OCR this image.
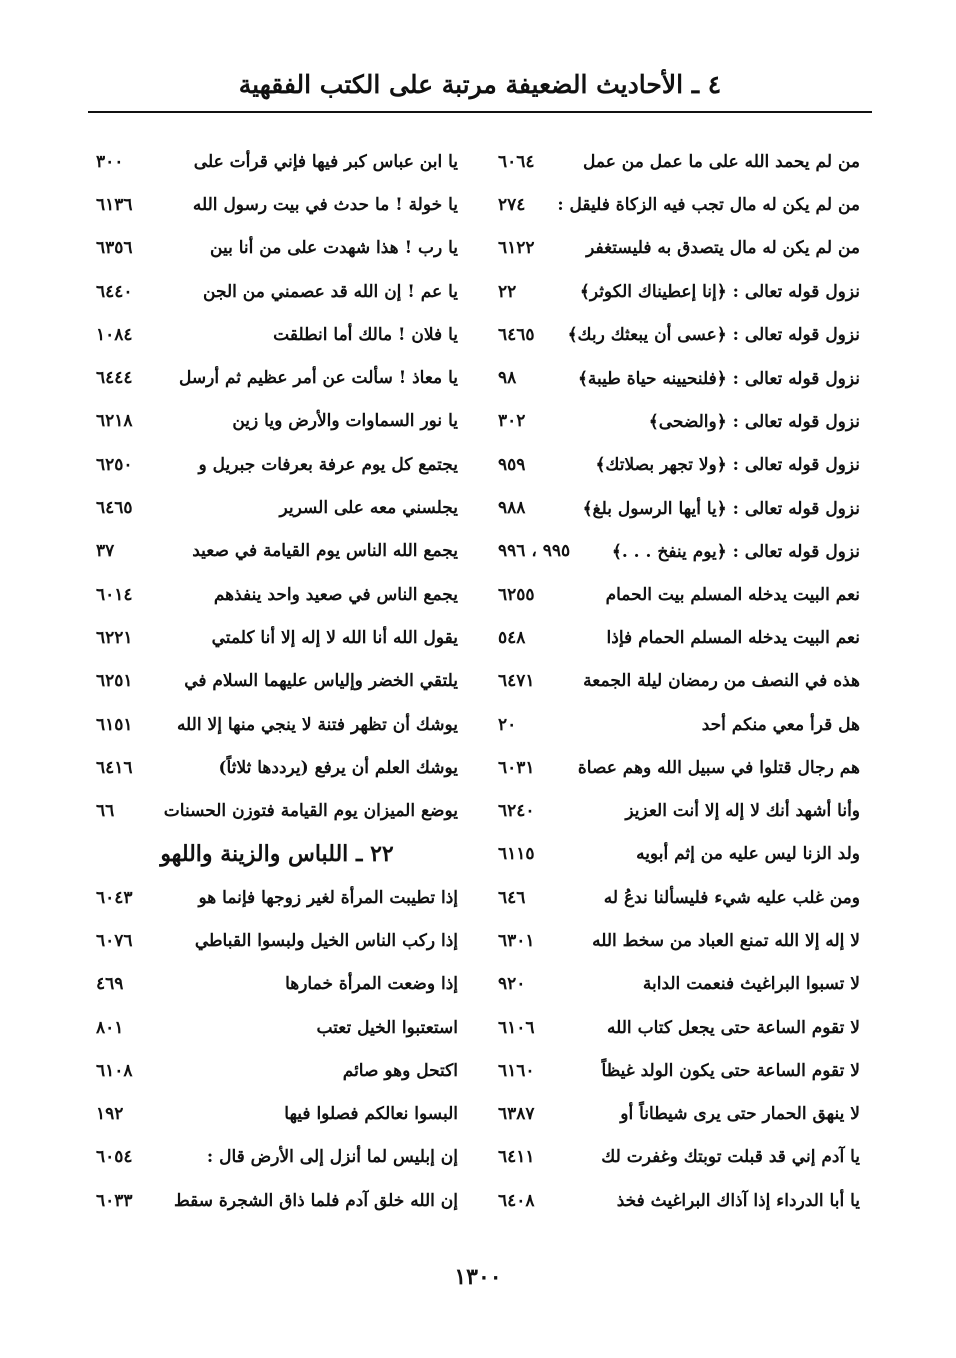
٤ ـ الأحاديث الضعيفة مرتبة على الكتب الفقهية
من لم يحمد الله على ما عمل من عمل
٦٠٦٤
من لم يكن له مال تجب فيه الزكاة فليقل :
٢٧٤
من لم يكن له مال يتصدق به فليستغفر
٦١٢٢
نزول قوله تعالى : ﴿إنا إعطيناك الكوثر﴾
٢٢
نزول قوله تعالى : ﴿عسى أن يبعثك ربك﴾
٦٤٦٥
نزول قوله تعالى : ﴿فلنحيينه حياة طيبة﴾
٩٨
نزول قوله تعالى : ﴿والضحى﴾
٣٠٢
نزول قوله تعالى : ﴿ولا تجهر بصلاتك﴾
٩٥٩
نزول قوله تعالى : ﴿يا أيها الرسول بلغ﴾
٩٨٨
نزول قوله تعالى : ﴿يوم ينفخ . . .﴾
٩٩٥ ، ٩٩٦
نعم البيت يدخله المسلم بيت الحمام
٦٢٥٥
نعم البيت يدخله المسلم الحمام فإذا
٥٤٨
هذه في النصف من رمضان ليلة الجمعة
٦٤٧١
هل قرأ معي منكم أحد
٢٠
هم رجال قتلوا في سبيل الله وهم عصاة
٦٠٣١
وأنا أشهد أنك لا إله إلا أنت العزيز
٦٢٤٠
ولد الزنا ليس عليه من إثم أبويه
٦١١٥
ومن غلب عليه شيء فليسألنا ندعُ له
٦٤٦
لا إله إلا الله تمنع العباد من سخط الله
٦٣٠١
لا تسبوا البراغيث فنعمت الدابة
٩٢٠
لا تقوم الساعة حتى يجعل كتاب الله
٦١٠٦
لا تقوم الساعة حتى يكون الولد غيظاً
٦١٦٠
لا ينهق الحمار حتى يرى شيطاناً أو
٦٣٨٧
يا آدم إني قد قبلت توبتك وغفرت لك
٦٤١١
يا أبا الدرداء إذا آذاك البراغيث فخذ
٦٤٠٨
يا ابن عباس كبر فيها فإني قرأت على
٣٠٠
يا خولة ! ما حدث في بيت رسول الله
٦١٣٦
يا رب ! هذا شهدت على من أنا بين
٦٣٥٦
يا عم ! إن الله قد عصمني من الجن
٦٤٤٠
يا فلان ! مالك أما انطلقت
١٠٨٤
يا معاذ ! سألت عن أمر عظيم ثم أرسل
٦٤٤٤
يا نور السماوات والأرض ويا زين
٦٢١٨
يجتمع كل يوم عرفة بعرفات جبريل و
٦٢٥٠
يجلسني معه على السرير
٦٤٦٥
يجمع الله الناس يوم القيامة في صعيد
٣٧
يجمع الناس في صعيد واحد ينفذهم
٦٠١٤
يقول الله أنا الله لا إله إلا أنا كلمتي
٦٢٢١
يلتقي الخضر وإلياس عليهما السلام في
٦٢٥١
يوشك أن تظهر فتنة لا ينجي منها إلا الله
٦١٥١
يوشك العلم أن يرفع (يرددها ثلاثاً)
٦٤١٦
يوضع الميزان يوم القيامة فتوزن الحسنات
٦٦
٢٢ ـ اللباس والزينة واللهو
إذا تطيبت المرأة لغير زوجها فإنما هو
٦٠٤٣
إذا ركب الناس الخيل ولبسوا القباطي
٦٠٧٦
إذا وضعت المرأة خمارها
٤٦٩
استعتبوا الخيل تعتب
٨٠١
اكتحل وهو صائم
٦١٠٨
البسوا نعالكم فصلوا فيها
١٩٢
إن إبليس لما أنزل إلى الأرض قال :
٦٠٥٤
إن الله خلق آدم فلما ذاق الشجرة سقط
٦٠٣٣
١٣٠٠
